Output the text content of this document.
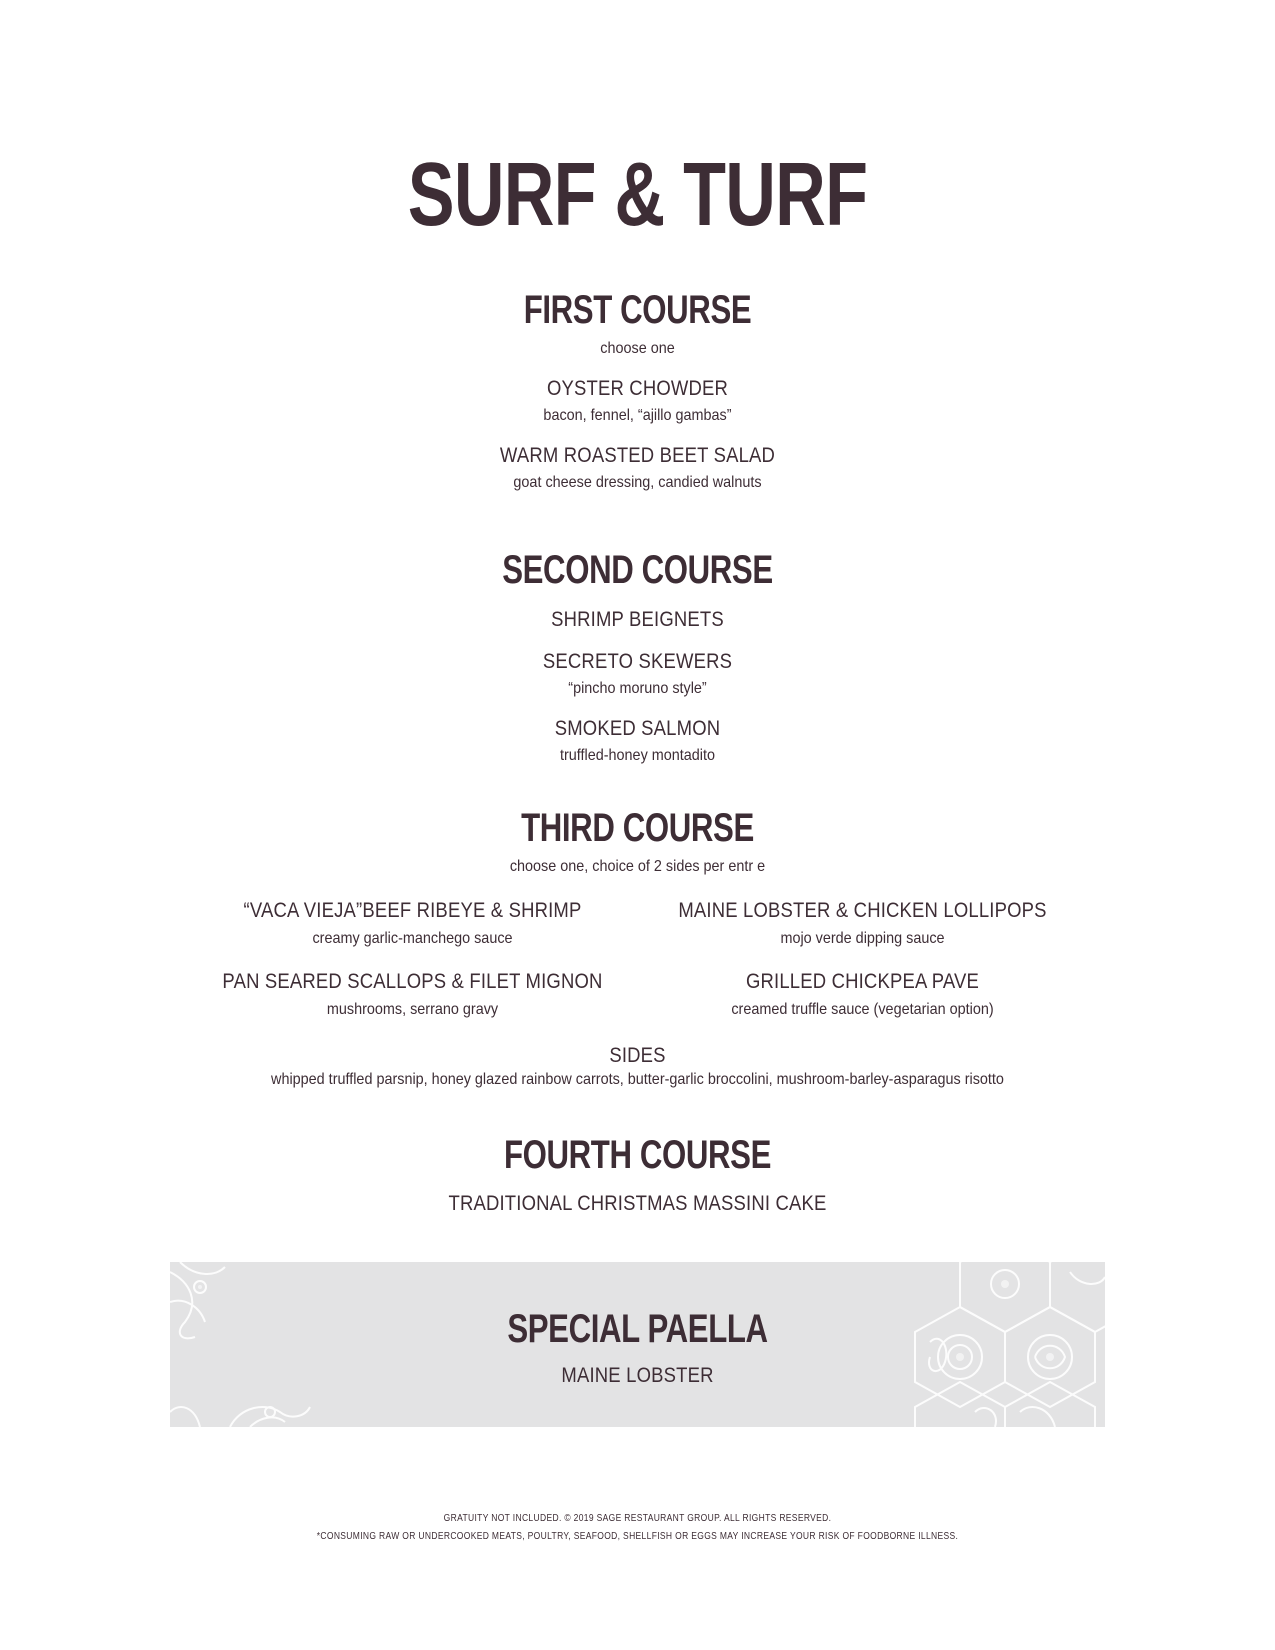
SURF & TURF
FIRST COURSE
choose one
OYSTER CHOWDER
bacon, fennel, “ajillo gambas”
WARM ROASTED BEET SALAD
goat cheese dressing, candied walnuts
SECOND COURSE
SHRIMP BEIGNETS
SECRETO SKEWERS
“pincho moruno style”
SMOKED SALMON
truffled-honey montadito
THIRD COURSE
choose one, choice of 2 sides per entr e
“VACA VIEJA”BEEF RIBEYE & SHRIMP
creamy garlic-manchego sauce
PAN SEARED SCALLOPS & FILET MIGNON
mushrooms, serrano gravy
MAINE LOBSTER & CHICKEN LOLLIPOPS
mojo verde dipping sauce
GRILLED CHICKPEA PAVE
creamed truffle sauce (vegetarian option)
SIDES
whipped truffled parsnip, honey glazed rainbow carrots, butter-garlic broccolini, mushroom-barley-asparagus risotto
FOURTH COURSE
TRADITIONAL CHRISTMAS MASSINI CAKE
SPECIAL PAELLA
MAINE LOBSTER
GRATUITY NOT INCLUDED. © 2019 SAGE RESTAURANT GROUP. ALL RIGHTS RESERVED.
*CONSUMING RAW OR UNDERCOOKED MEATS, POULTRY, SEAFOOD, SHELLFISH OR EGGS MAY INCREASE YOUR RISK OF FOODBORNE ILLNESS.
